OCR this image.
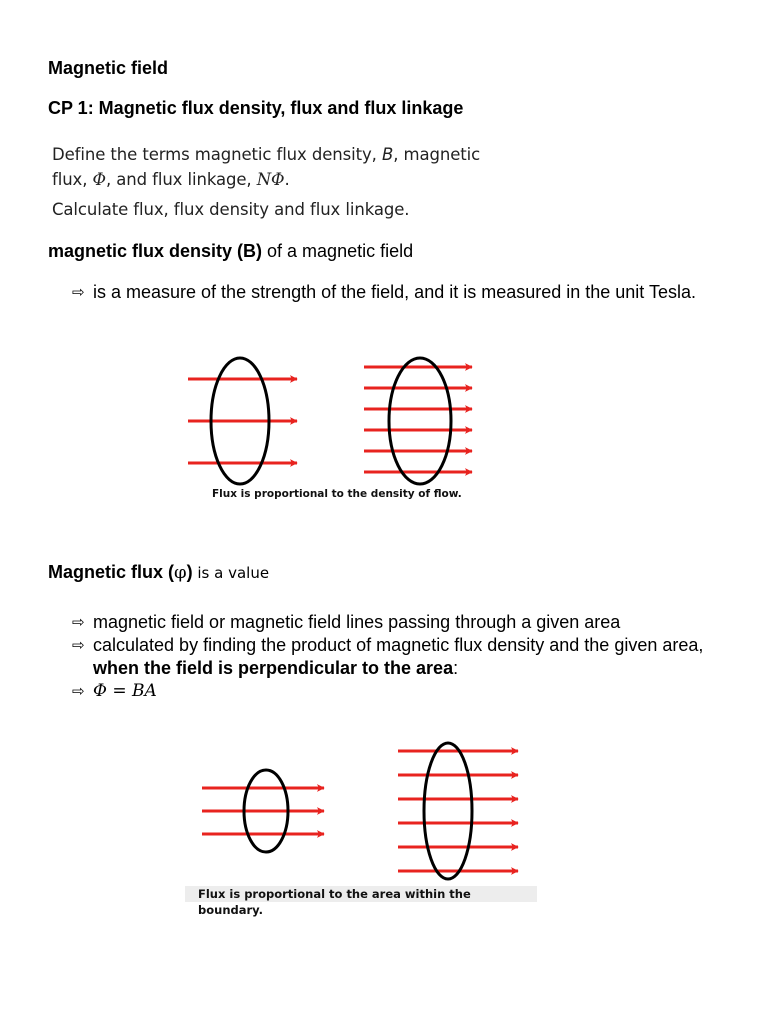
Magnetic field
CP 1: Magnetic flux density, flux and flux linkage
Define the terms magnetic flux density, B, magnetic
flux, Φ, and flux linkage, NΦ.
Calculate flux, flux density and flux linkage.
magnetic flux density (B) of a magnetic field
⇨ is a measure of the strength of the field, and it is measured in the unit Tesla.
Flux is proportional to the density of flow.
Magnetic flux (φ) is a value
⇨ magnetic field or magnetic field lines passing through a given area
⇨ calculated by finding the product of magnetic flux density and the given area, when the field is perpendicular to the area:
⇨ Φ = BA
Flux is proportional to the area within the boundary.
